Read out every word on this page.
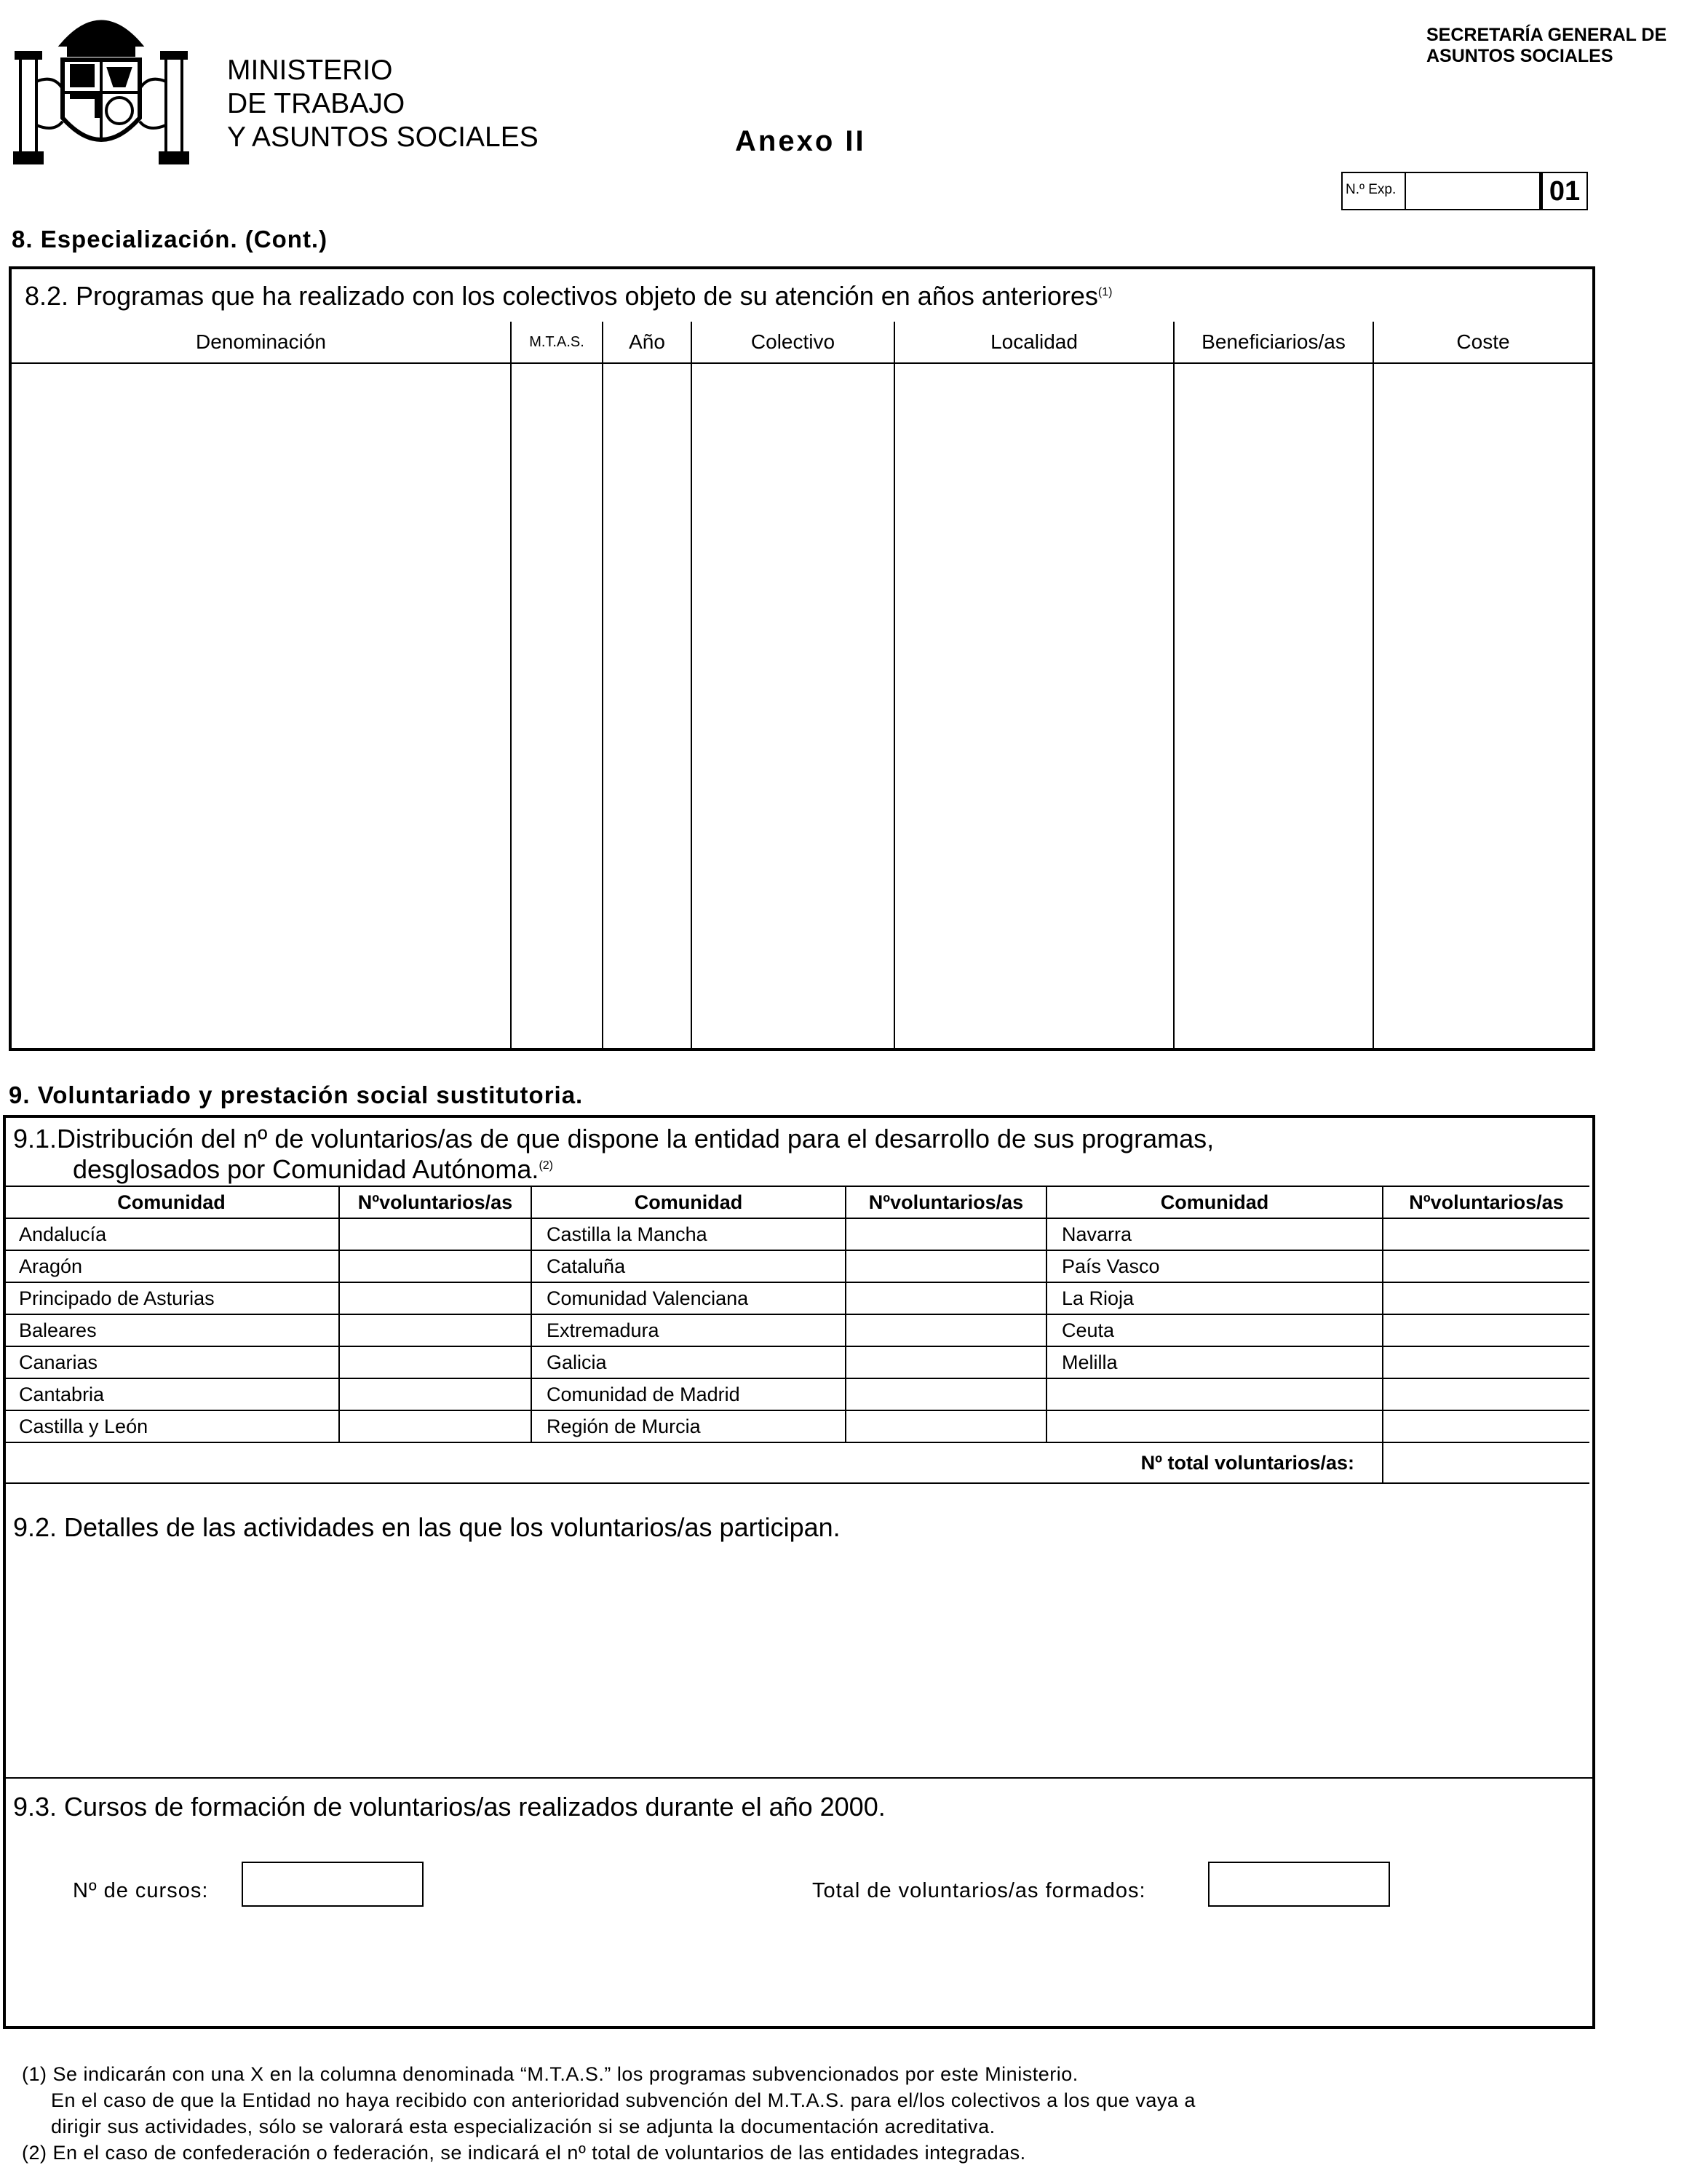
MINISTERIO
DE TRABAJO
Y ASUNTOS SOCIALES
SECRETARÍA GENERAL DE
ASUNTOS SOCIALES
Anexo II
N.º Exp.	01
8. Especialización. (Cont.)
8.2. Programas que ha realizado con los colectivos objeto de su atención en años anteriores$^{(1)}$
Denominación	M.T.A.S.	Año	Colectivo	Localidad	Beneficiarios/as	Coste

9. Voluntariado y prestación social sustitutoria.
9.1.Distribución del nº de voluntarios/as de que dispone la entidad para el desarrollo de sus programas,
desglosados por Comunidad Autónoma.$^{(2)}$
Comunidad	Nºvoluntarios/as	Comunidad	Nºvoluntarios/as	Comunidad	Nºvoluntarios/as
Andalucía		Castilla la Mancha		Navarra	
Aragón		Cataluña		País Vasco	
Principado de Asturias		Comunidad Valenciana		La Rioja	
Baleares		Extremadura		Ceuta	
Canarias		Galicia		Melilla	
Cantabria		Comunidad de Madrid			
Castilla y León		Región de Murcia			
Nº total voluntarios/as:					
9.2. Detalles de las actividades en las que los voluntarios/as participan.
9.3. Cursos de formación de voluntarios/as realizados durante el año 2000.
Nº de cursos:	Total de voluntarios/as formados:
(1) Se indicarán con una X en la columna denominada “M.T.A.S.” los programas subvencionados por este Ministerio.
En el caso de que la Entidad no haya recibido con anterioridad subvención del M.T.A.S. para el/los colectivos a los que vaya a
dirigir sus actividades, sólo se valorará esta especialización si se adjunta la documentación acreditativa.
(2) En el caso de confederación o federación, se indicará el nº total de voluntarios de las entidades integradas.
